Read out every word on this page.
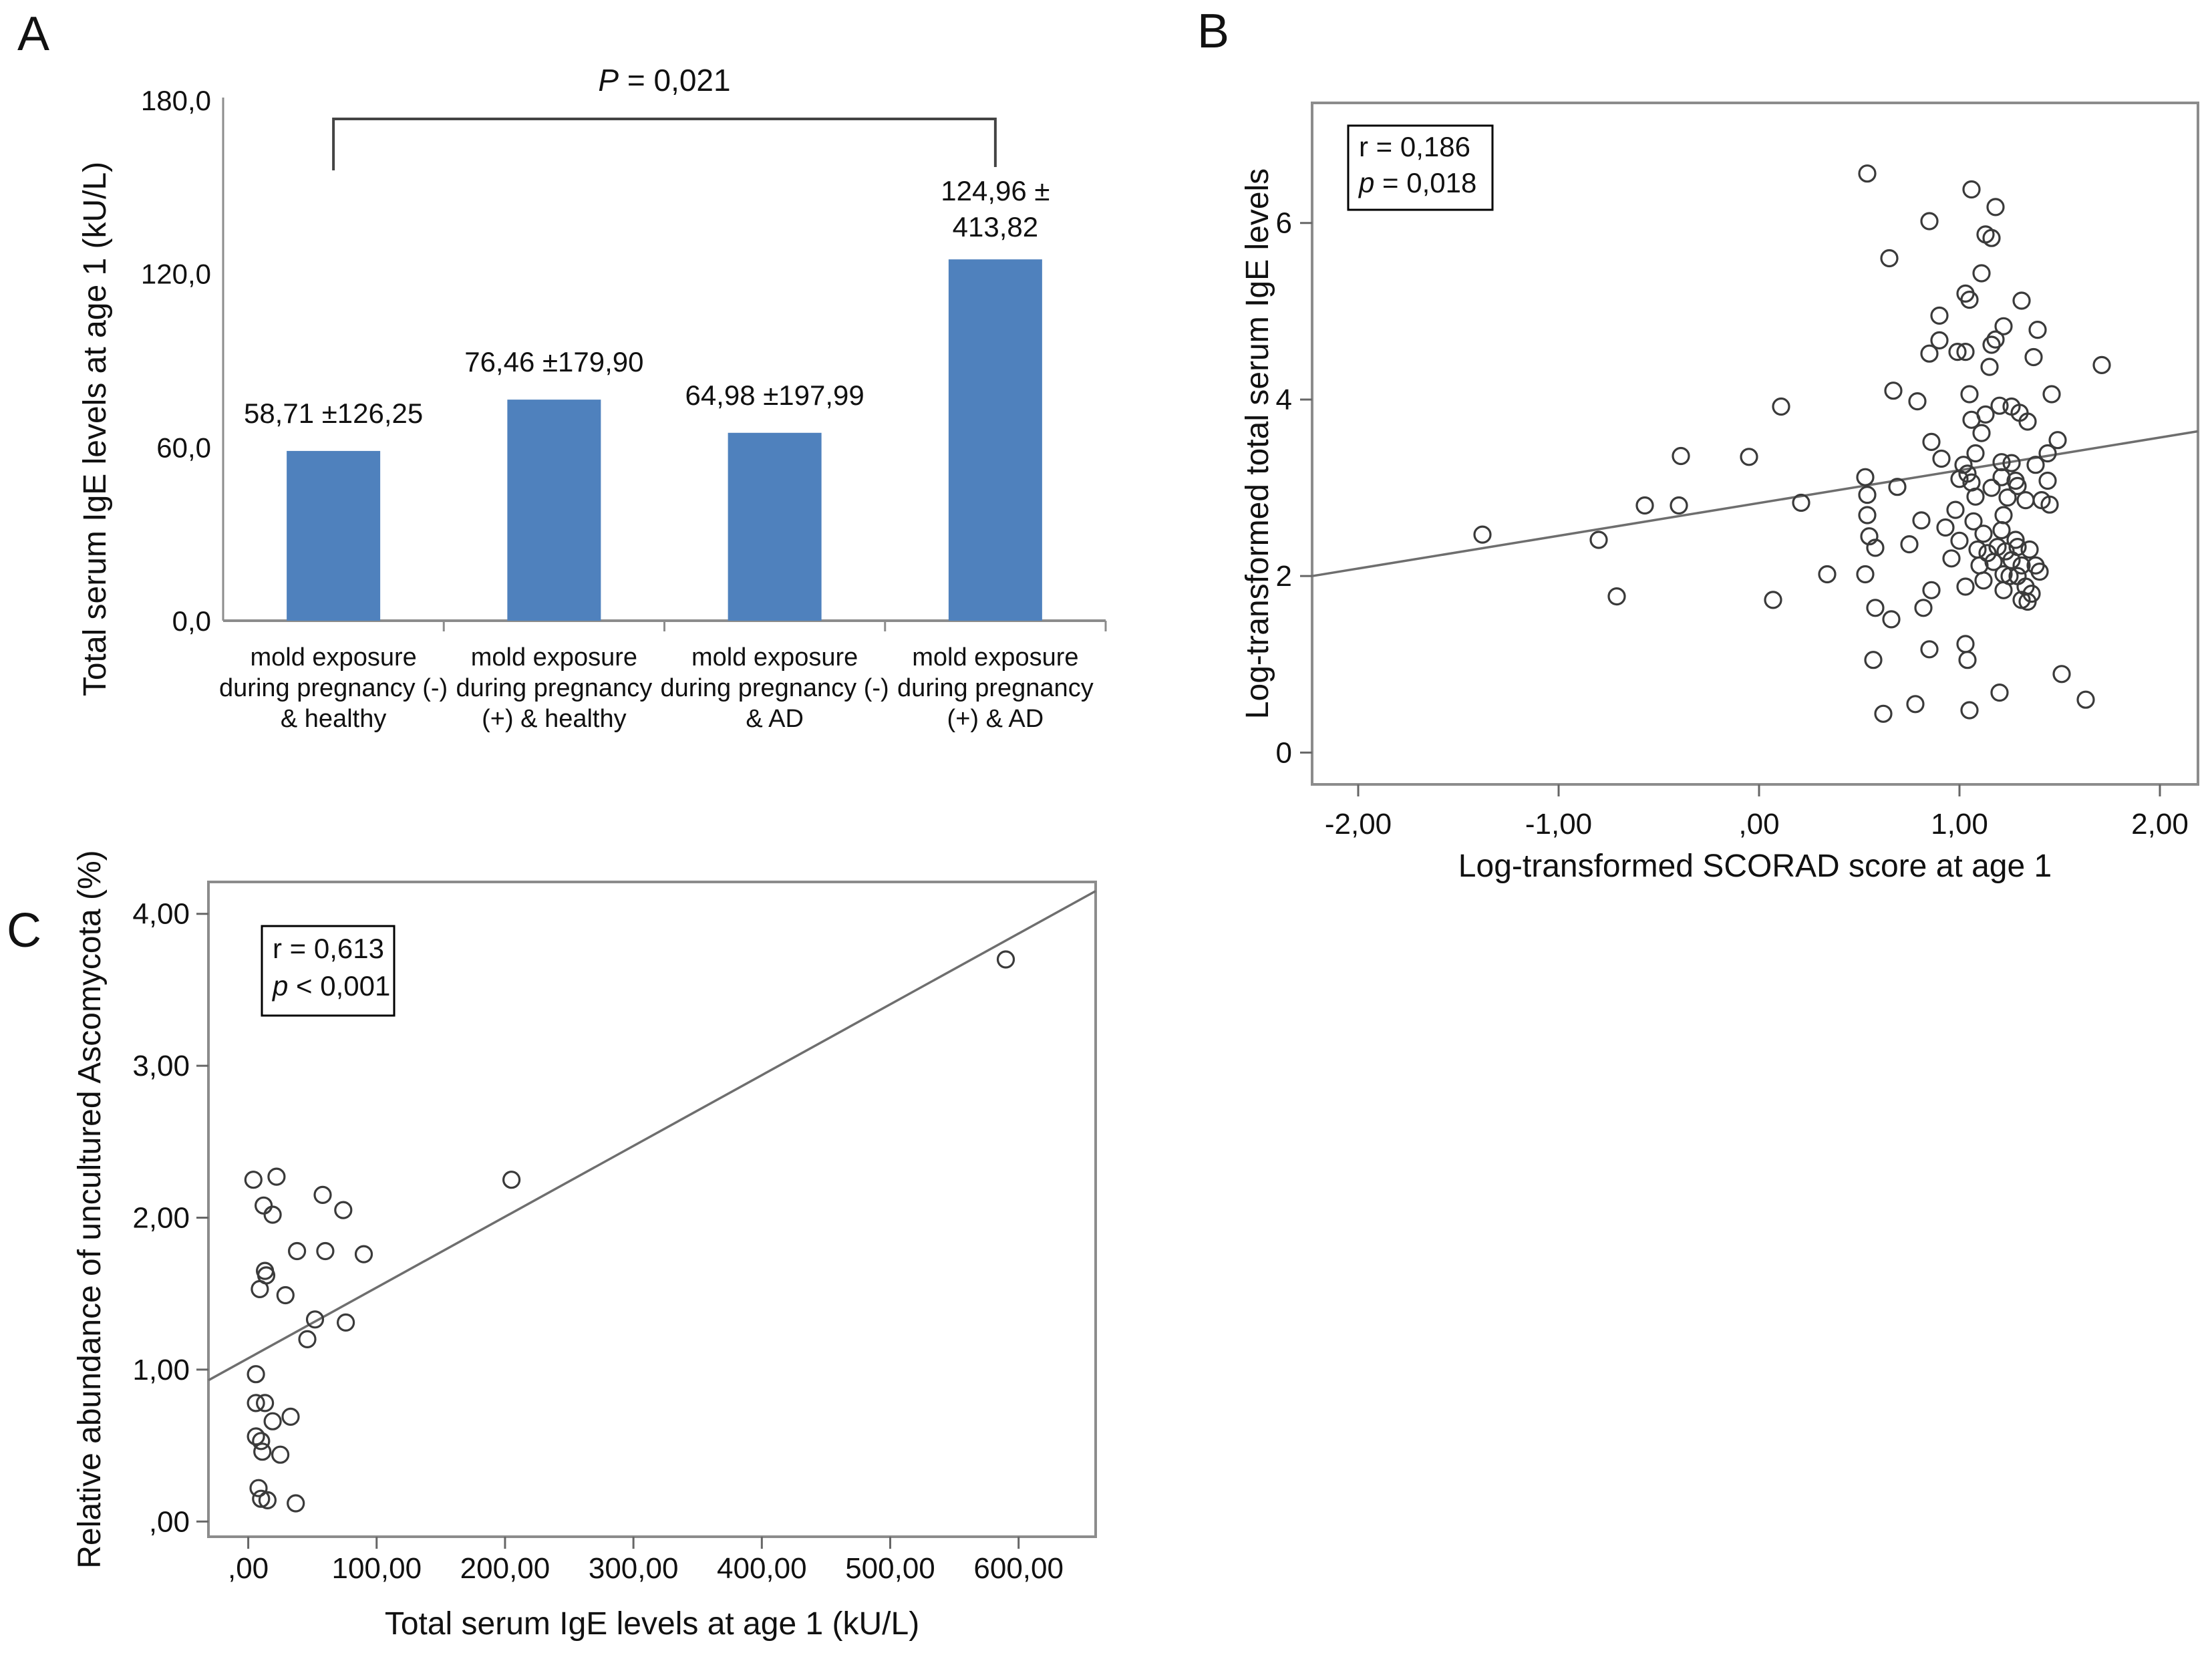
A	B
C
0,0
60,0
120,0
180,0
58,71 ±126,25
mold exposure
during pregnancy (-)
& healthy
76,46 ±179,90
mold exposure
during pregnancy
(+) & healthy
64,98 ±197,99
mold exposure
during pregnancy (-)
& AD
124,96 ±
413,82
mold exposure
during pregnancy
(+) & AD
P = 0,021
Total serum IgE levels at age 1 (kU/L)
-2,00	-1,00	,00	1,00	2,00
0
2
4
6
r = 0,186
p = 0,018
Log-transformed SCORAD score at age 1
Log-transformed total serum IgE levels
,00 100,00 200,00 300,00 400,00 500,00 600,00
,00
1,00
2,00
3,00
4,00
r = 0,613
p < 0,001
Total serum IgE levels at age 1 (kU/L)
Relative abundance of uncultured Ascomycota (%)
